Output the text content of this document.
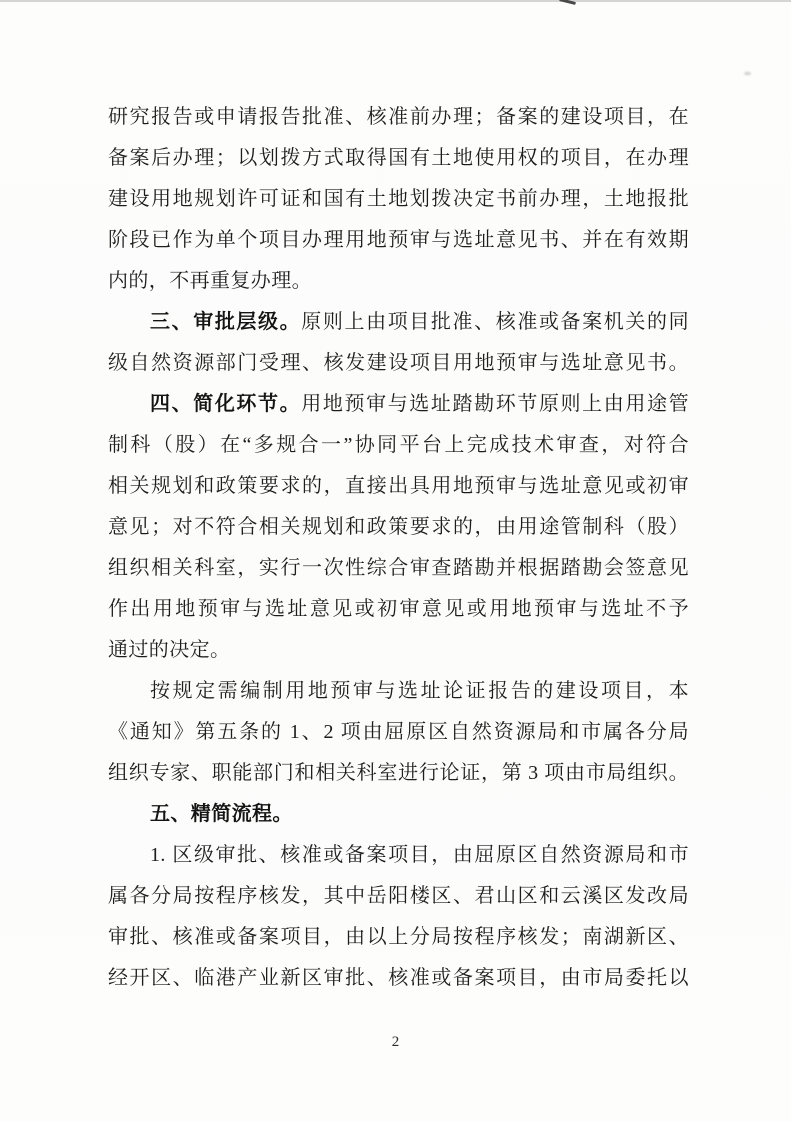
研究报告或申请报告批准、核准前办理；备案的建设项目，在
备案后办理；以划拨方式取得国有土地使用权的项目，在办理
建设用地规划许可证和国有土地划拨决定书前办理，土地报批
阶段已作为单个项目办理用地预审与选址意见书、并在有效期
内的，不再重复办理。
三、审批层级。原则上由项目批准、核准或备案机关的同
级自然资源部门受理、核发建设项目用地预审与选址意见书。
四、简化环节。用地预审与选址踏勘环节原则上由用途管
制科（股）在“多规合一”协同平台上完成技术审查，对符合
相关规划和政策要求的，直接出具用地预审与选址意见或初审
意见；对不符合相关规划和政策要求的，由用途管制科（股）
组织相关科室，实行一次性综合审查踏勘并根据踏勘会签意见
作出用地预审与选址意见或初审意见或用地预审与选址不予
通过的决定。
按规定需编制用地预审与选址论证报告的建设项目，本
《通知》第五条的 1、2 项由屈原区自然资源局和市属各分局
组织专家、职能部门和相关科室进行论证，第 3 项由市局组织。
五、精简流程。
1. 区级审批、核准或备案项目，由屈原区自然资源局和市
属各分局按程序核发，其中岳阳楼区、君山区和云溪区发改局
审批、核准或备案项目，由以上分局按程序核发；南湖新区、
经开区、临港产业新区审批、核准或备案项目，由市局委托以
2
